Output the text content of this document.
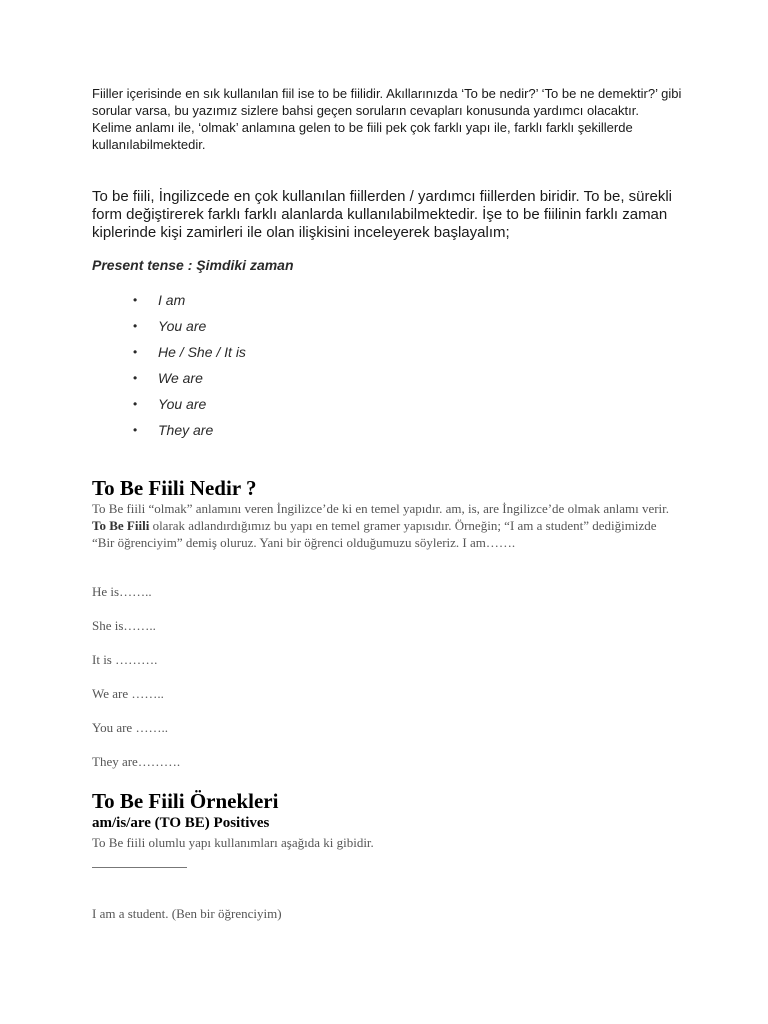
Fiiller içerisinde en sık kullanılan fiil ise to be fiilidir. Akıllarınızda ‘To be nedir?’ ‘To be ne demektir?’ gibi sorular varsa, bu yazımız sizlere bahsi geçen soruların cevapları konusunda yardımcı olacaktır. Kelime anlamı ile, ‘olmak’ anlamına gelen to be fiili pek çok farklı yapı ile, farklı farklı şekillerde kullanılabilmektedir.

To be fiili, İngilizcede en çok kullanılan fiillerden / yardımcı fiillerden biridir. To be, sürekli form değiştirerek farklı farklı alanlarda kullanılabilmektedir. İşe to be fiilinin farklı zaman kiplerinde kişi zamirleri ile olan ilişkisini inceleyerek başlayalım;

Present tense : Şimdiki zaman

• I am
• You are
• He / She / It is
• We are
• You are
• They are
To Be Fiili Nedir ?

To Be fiili “olmak” anlamını veren İngilizce’de ki en temel yapıdır. am, is, are İngilizce’de olmak anlamı verir. To Be Fiili olarak adlandırdığımız bu yapı en temel gramer yapısıdır. Örneğin; “I am a student” dediğimizde “Bir öğrenciyim” demiş oluruz. Yani bir öğrenci olduğumuzu söyleriz. I am…….

He is……..

She is……..

It is ……….

We are ……..

You are ……..

They are……….

To Be Fiili Örnekleri

am/is/are (TO BE) Positives

To Be fiili olumlu yapı kullanımları aşağıda ki gibidir.

I am a student. (Ben bir öğrenciyim)
